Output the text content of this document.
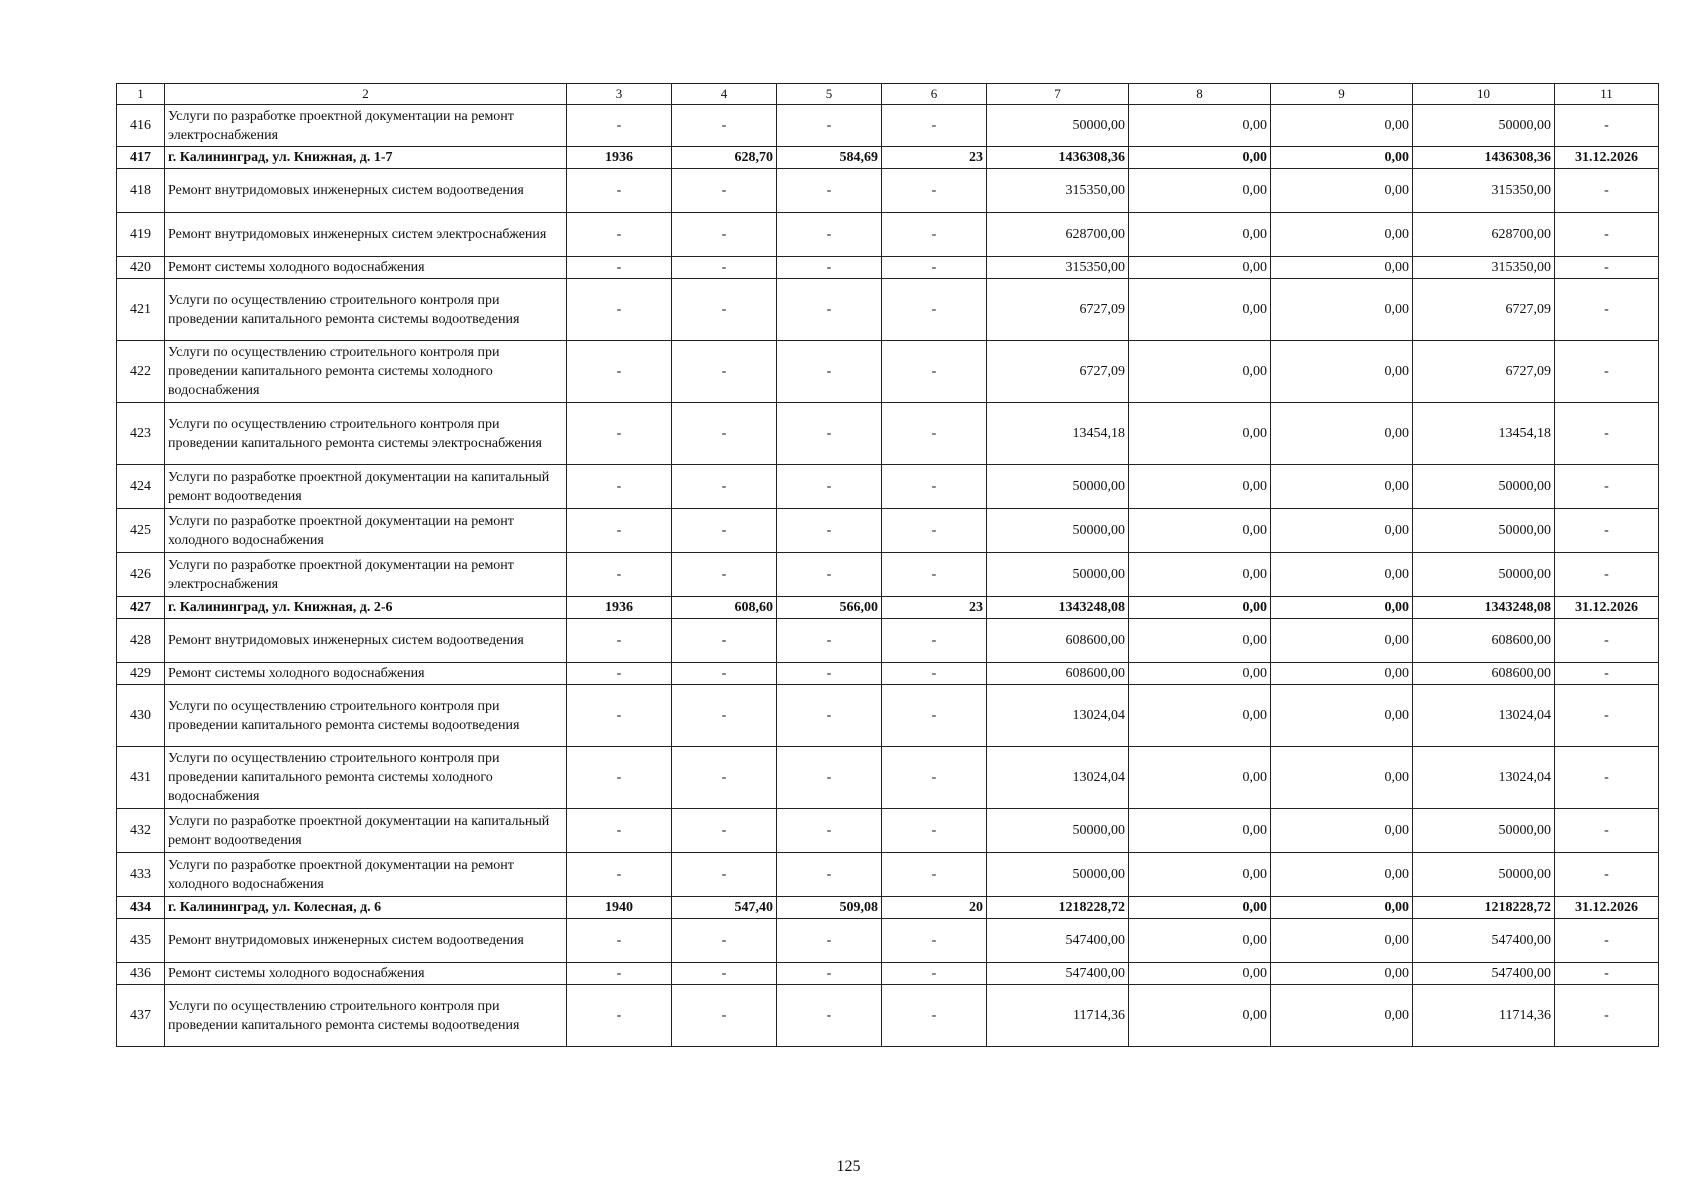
1	2	3	4	5	6	7	8	9	10	11
416	Услуги по разработке проектной документации на ремонт электроснабжения	-	-	-	-	50000,00	0,00	0,00	50000,00	-
417	г. Калининград, ул. Книжная, д. 1-7	1936	628,70	584,69	23	1436308,36	0,00	0,00	1436308,36	31.12.2026
418	Ремонт внутридомовых инженерных систем водоотведения	-	-	-	-	315350,00	0,00	0,00	315350,00	-
419	Ремонт внутридомовых инженерных систем электроснабжения	-	-	-	-	628700,00	0,00	0,00	628700,00	-
420	Ремонт системы холодного водоснабжения	-	-	-	-	315350,00	0,00	0,00	315350,00	-
421	Услуги по осуществлению строительного контроля при проведении капитального ремонта системы водоотведения	-	-	-	-	6727,09	0,00	0,00	6727,09	-
422	Услуги по осуществлению строительного контроля при проведении капитального ремонта системы холодного водоснабжения	-	-	-	-	6727,09	0,00	0,00	6727,09	-
423	Услуги по осуществлению строительного контроля при проведении капитального ремонта системы электроснабжения	-	-	-	-	13454,18	0,00	0,00	13454,18	-
424	Услуги по разработке проектной документации на капитальный ремонт водоотведения	-	-	-	-	50000,00	0,00	0,00	50000,00	-
425	Услуги по разработке проектной документации на ремонт холодного водоснабжения	-	-	-	-	50000,00	0,00	0,00	50000,00	-
426	Услуги по разработке проектной документации на ремонт электроснабжения	-	-	-	-	50000,00	0,00	0,00	50000,00	-
427	г. Калининград, ул. Книжная, д. 2-6	1936	608,60	566,00	23	1343248,08	0,00	0,00	1343248,08	31.12.2026
428	Ремонт внутридомовых инженерных систем водоотведения	-	-	-	-	608600,00	0,00	0,00	608600,00	-
429	Ремонт системы холодного водоснабжения	-	-	-	-	608600,00	0,00	0,00	608600,00	-
430	Услуги по осуществлению строительного контроля при проведении капитального ремонта системы водоотведения	-	-	-	-	13024,04	0,00	0,00	13024,04	-
431	Услуги по осуществлению строительного контроля при проведении капитального ремонта системы холодного водоснабжения	-	-	-	-	13024,04	0,00	0,00	13024,04	-
432	Услуги по разработке проектной документации на капитальный ремонт водоотведения	-	-	-	-	50000,00	0,00	0,00	50000,00	-
433	Услуги по разработке проектной документации на ремонт холодного водоснабжения	-	-	-	-	50000,00	0,00	0,00	50000,00	-
434	г. Калининград, ул. Колесная, д. 6	1940	547,40	509,08	20	1218228,72	0,00	0,00	1218228,72	31.12.2026
435	Ремонт внутридомовых инженерных систем водоотведения	-	-	-	-	547400,00	0,00	0,00	547400,00	-
436	Ремонт системы холодного водоснабжения	-	-	-	-	547400,00	0,00	0,00	547400,00	-
437	Услуги по осуществлению строительного контроля при проведении капитального ремонта системы водоотведения	-	-	-	-	11714,36	0,00	0,00	11714,36	-
125
